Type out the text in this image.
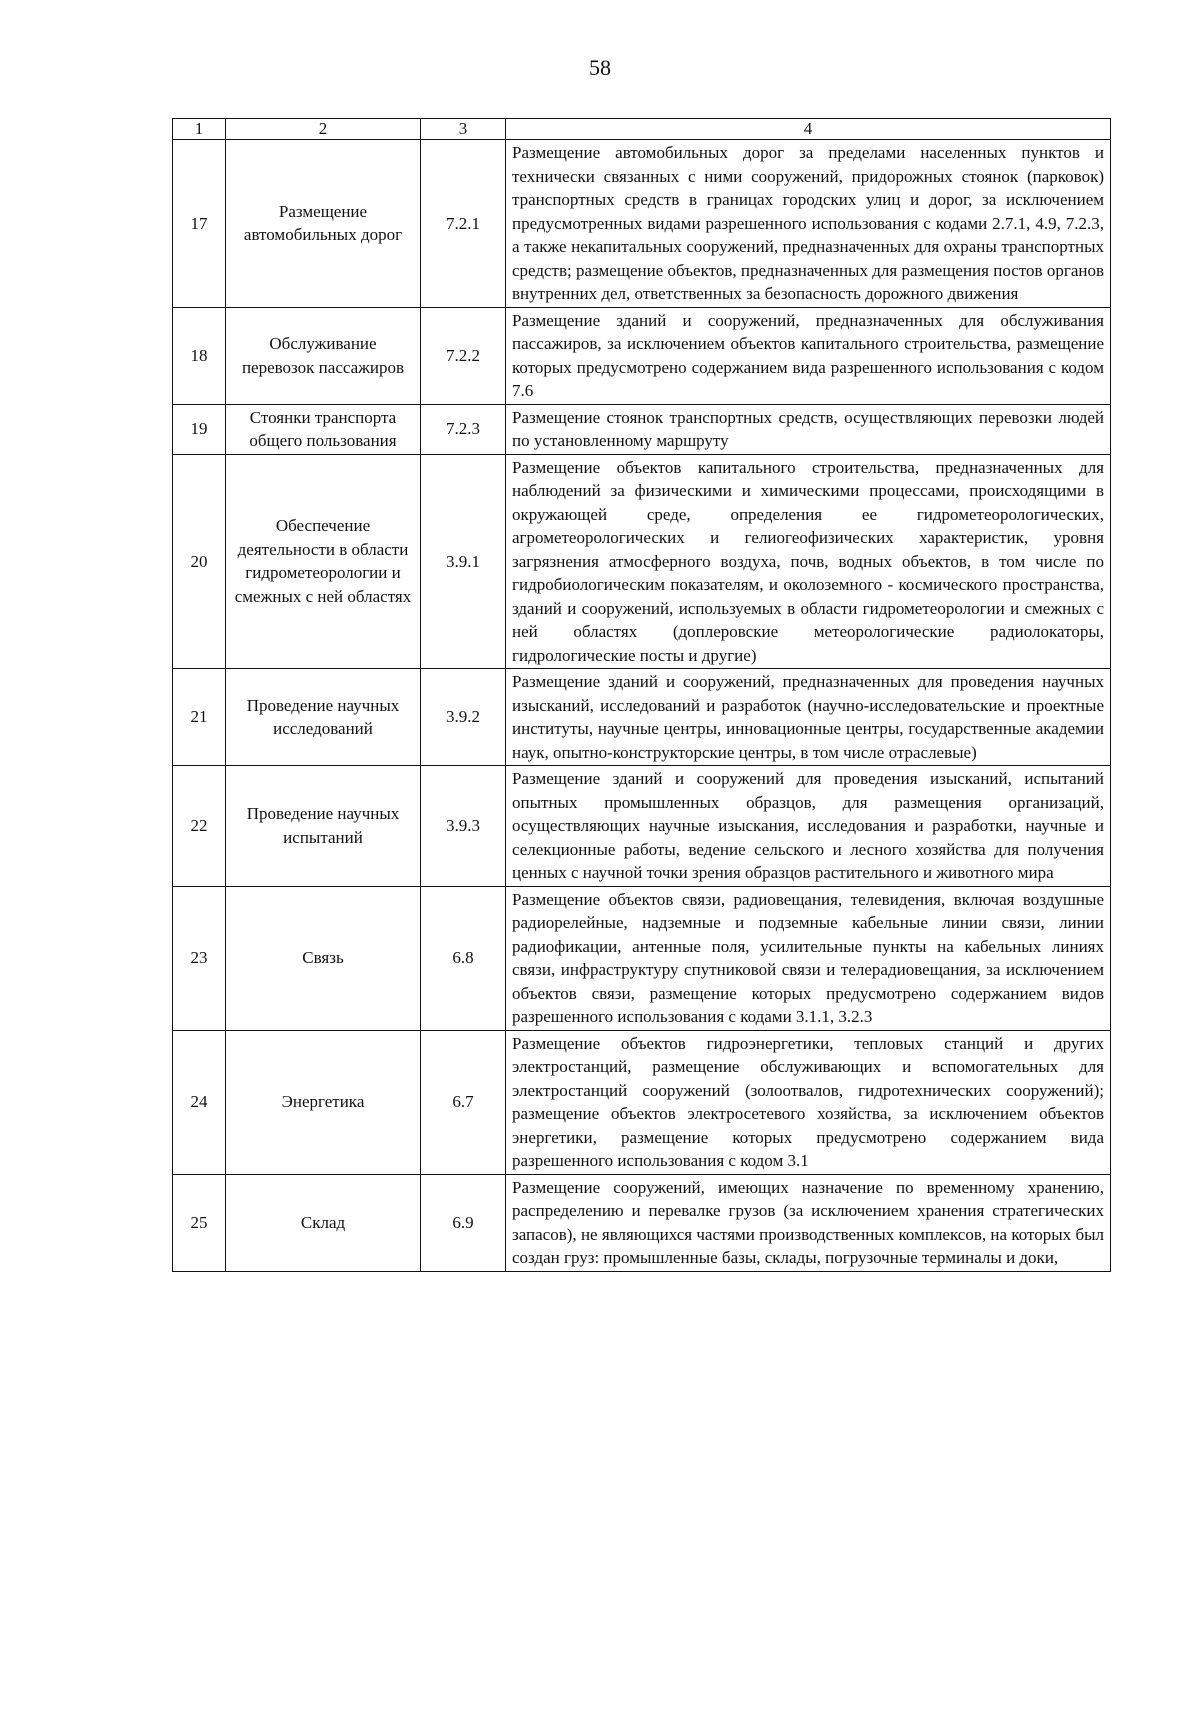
58
1	2	3	4
17	Размещение автомобильных дорог	7.2.1	Размещение автомобильных дорог за пределами населенных пунктов и технически связанных с ними сооружений, придорожных стоянок (парковок) транспортных средств в границах городских улиц и дорог, за исключением предусмотренных видами разрешенного использования с кодами 2.7.1, 4.9, 7.2.3, а также некапитальных сооружений, предназначенных для охраны транспортных средств; размещение объектов, предназначенных для размещения постов органов внутренних дел, ответственных за безопасность дорожного движения
18	Обслуживание перевозок пассажиров	7.2.2	Размещение зданий и сооружений, предназначенных для обслуживания пассажиров, за исключением объектов капитального строительства, размещение которых предусмотрено содержанием вида разрешенного использования с кодом 7.6
19	Стоянки транспорта общего пользования	7.2.3	Размещение стоянок транспортных средств, осуществляющих перевозки людей по установленному маршруту
20	Обеспечение деятельности в области гидрометеорологии и смежных с ней областях	3.9.1	Размещение объектов капитального строительства, предназначенных для наблюдений за физическими и химическими процессами, происходящими в окружающей среде, определения ее гидрометеорологических, агрометеорологических и гелиогеофизических характеристик, уровня загрязнения атмосферного воздуха, почв, водных объектов, в том числе по гидробиологическим показателям, и околоземного - космического пространства, зданий и сооружений, используемых в области гидрометеорологии и смежных с ней областях (доплеровские метеорологические радиолокаторы, гидрологические посты и другие)
21	Проведение научных исследований	3.9.2	Размещение зданий и сооружений, предназначенных для проведения научных изысканий, исследований и разработок (научно-исследовательские и проектные институты, научные центры, инновационные центры, государственные академии наук, опытно-конструкторские центры, в том числе отраслевые)
22	Проведение научных испытаний	3.9.3	Размещение зданий и сооружений для проведения изысканий, испытаний опытных промышленных образцов, для размещения организаций, осуществляющих научные изыскания, исследования и разработки, научные и селекционные работы, ведение сельского и лесного хозяйства для получения ценных с научной точки зрения образцов растительного и животного мира
23	Связь	6.8	Размещение объектов связи, радиовещания, телевидения, включая воздушные радиорелейные, надземные и подземные кабельные линии связи, линии радиофикации, антенные поля, усилительные пункты на кабельных линиях связи, инфраструктуру спутниковой связи и телерадиовещания, за исключением объектов связи, размещение которых предусмотрено содержанием видов разрешенного использования с кодами 3.1.1, 3.2.3
24	Энергетика	6.7	Размещение объектов гидроэнергетики, тепловых станций и других электростанций, размещение обслуживающих и вспомогательных для электростанций сооружений (золоотвалов, гидротехнических сооружений); размещение объектов электросетевого хозяйства, за исключением объектов энергетики, размещение которых предусмотрено содержанием вида разрешенного использования с кодом 3.1
25	Склад	6.9	Размещение сооружений, имеющих назначение по временному хранению, распределению и перевалке грузов (за исключением хранения стратегических запасов), не являющихся частями производственных комплексов, на которых был создан груз: промышленные базы, склады, погрузочные терминалы и доки,
